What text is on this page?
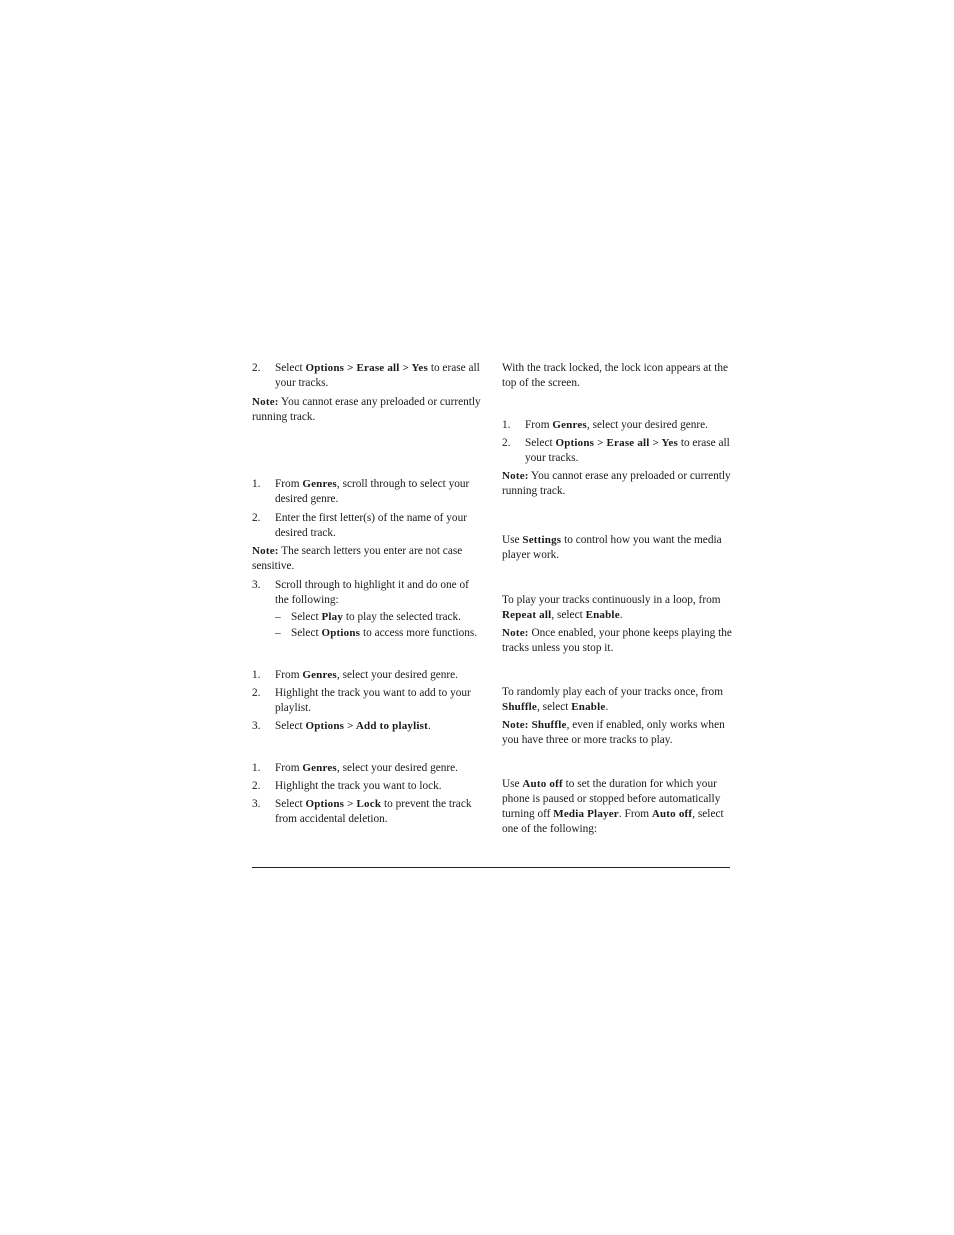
2.	Select Options > Erase all > Yes to erase all your tracks.

Note: You cannot erase any preloaded or currently running track.

1.	From Genres, scroll through to select your desired genre.
2.	Enter the first letter(s) of the name of your desired track.

Note: The search letters you enter are not case sensitive.

3.	Scroll through to highlight it and do one of the following:
– Select Play to play the selected track.
– Select Options to access more functions.
1.	From Genres, select your desired genre.
2.	Highlight the track you want to add to your playlist.
3.	Select Options > Add to playlist.
1.	From Genres, select your desired genre.
2.	Highlight the track you want to lock.
3.	Select Options > Lock to prevent the track from accidental deletion.

With the track locked, the lock icon appears at the top of the screen.

1.	From Genres, select your desired genre.
2.	Select Options > Erase all > Yes to erase all your tracks.

Note: You cannot erase any preloaded or currently running track.

Use Settings to control how you want the media player work.

To play your tracks continuously in a loop, from Repeat all, select Enable.

Note: Once enabled, your phone keeps playing the tracks unless you stop it.

To randomly play each of your tracks once, from Shuffle, select Enable.

Note: Shuffle, even if enabled, only works when you have three or more tracks to play.

Use Auto off to set the duration for which your phone is paused or stopped before automatically turning off Media Player. From Auto off, select one of the following:
